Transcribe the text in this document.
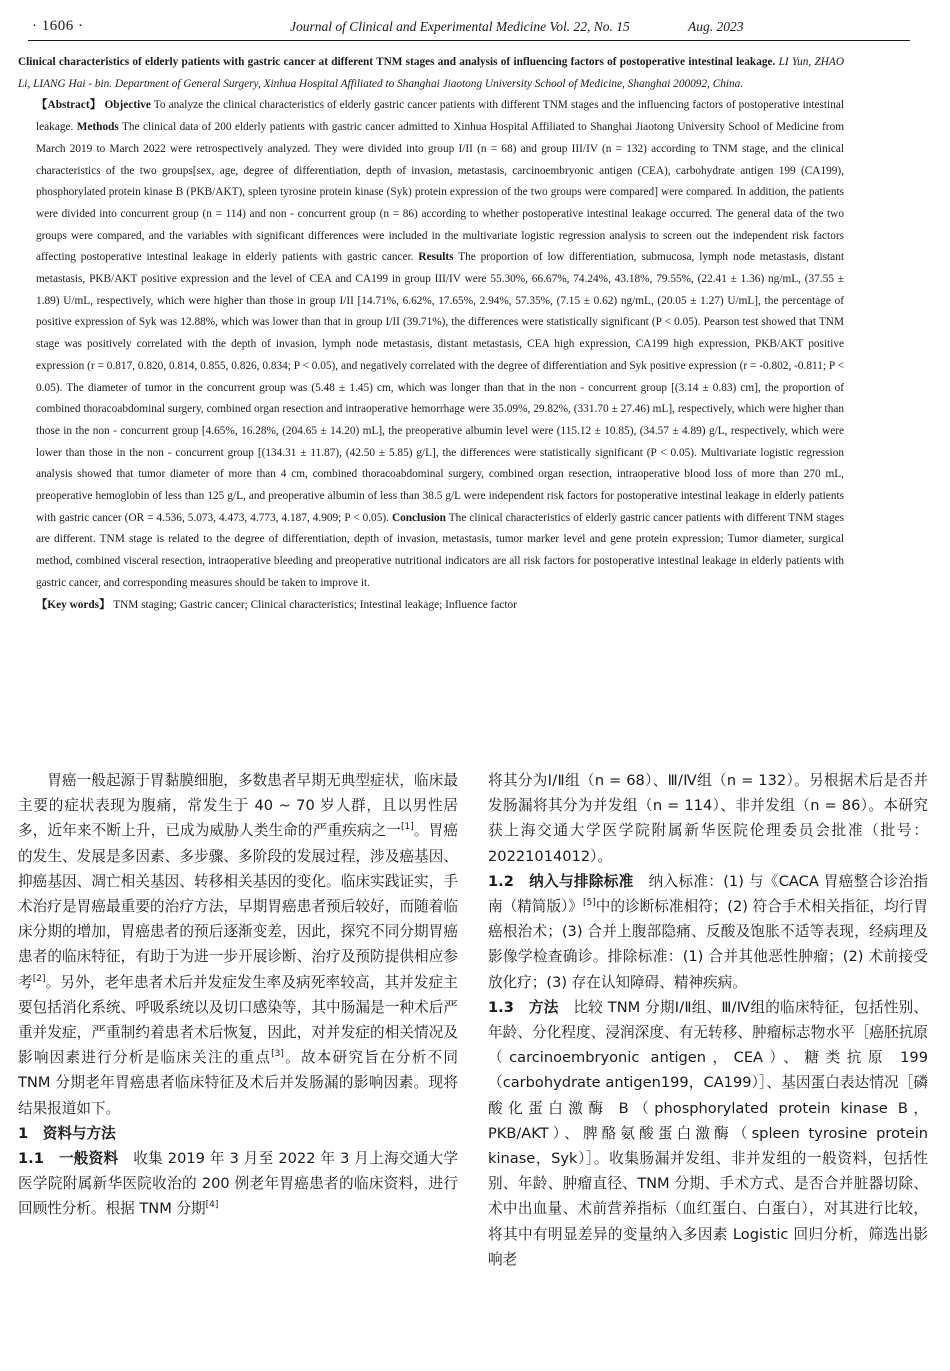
· 1606 ·	Journal of Clinical and Experimental Medicine Vol. 22, No. 15	Aug. 2023

Clinical characteristics of elderly patients with gastric cancer at different TNM stages and analysis of influencing factors of postoperative intestinal leakage. LI Yun, ZHAO Li, LIANG Hai - bin. Department of General Surgery, Xinhua Hospital Affiliated to Shanghai Jiaotong University School of Medicine, Shanghai 200092, China.

【Abstract】 Objective To analyze the clinical characteristics of elderly gastric cancer patients with different TNM stages and the influencing factors of postoperative intestinal leakage. Methods The clinical data of 200 elderly patients with gastric cancer admitted to Xinhua Hospital Affiliated to Shanghai Jiaotong University School of Medicine from March 2019 to March 2022 were retrospectively analyzed. They were divided into group I/II (n = 68) and group III/IV (n = 132) according to TNM stage, and the clinical characteristics of the two groups[sex, age, degree of differentiation, depth of invasion, metastasis, carcinoembryonic antigen (CEA), carbohydrate antigen 199 (CA199), phosphorylated protein kinase B (PKB/AKT), spleen tyrosine protein kinase (Syk) protein expression of the two groups were compared] were compared. In addition, the patients were divided into concurrent group (n = 114) and non - concurrent group (n = 86) according to whether postoperative intestinal leakage occurred. The general data of the two groups were compared, and the variables with significant differences were included in the multivariate logistic regression analysis to screen out the independent risk factors affecting postoperative intestinal leakage in elderly patients with gastric cancer. Results The proportion of low differentiation, submucosa, lymph node metastasis, distant metastasis, PKB/AKT positive expression and the level of CEA and CA199 in group III/IV were 55.30%, 66.67%, 74.24%, 43.18%, 79.55%, (22.41 ± 1.36) ng/mL, (37.55 ± 1.89) U/mL, respectively, which were higher than those in group I/II [14.71%, 6.62%, 17.65%, 2.94%, 57.35%, (7.15 ± 0.62) ng/mL, (20.05 ± 1.27) U/mL], the percentage of positive expression of Syk was 12.88%, which was lower than that in group I/II (39.71%), the differences were statistically significant (P < 0.05). Pearson test showed that TNM stage was positively correlated with the depth of invasion, lymph node metastasis, distant metastasis, CEA high expression, CA199 high expression, PKB/AKT positive expression (r = 0.817, 0.820, 0.814, 0.855, 0.826, 0.834; P < 0.05), and negatively correlated with the degree of differentiation and Syk positive expression (r = -0.802, -0.811; P < 0.05). The diameter of tumor in the concurrent group was (5.48 ± 1.45) cm, which was longer than that in the non - concurrent group [(3.14 ± 0.83) cm], the proportion of combined thoracoabdominal surgery, combined organ resection and intraoperative hemorrhage were 35.09%, 29.82%, (331.70 ± 27.46) mL], respectively, which were higher than those in the non - concurrent group [4.65%, 16.28%, (204.65 ± 14.20) mL], the preoperative albumin level were (115.12 ± 10.85), (34.57 ± 4.89) g/L, respectively, which were lower than those in the non - concurrent group [(134.31 ± 11.87), (42.50 ± 5.85) g/L], the differences were statistically significant (P < 0.05). Multivariate logistic regression analysis showed that tumor diameter of more than 4 cm, combined thoracoabdominal surgery, combined organ resection, intraoperative blood loss of more than 270 mL, preoperative hemoglobin of less than 125 g/L, and preoperative albumin of less than 38.5 g/L were independent risk factors for postoperative intestinal leakage in elderly patients with gastric cancer (OR = 4.536, 5.073, 4.473, 4.773, 4.187, 4.909; P < 0.05). Conclusion The clinical characteristics of elderly gastric cancer patients with different TNM stages are different. TNM stage is related to the degree of differentiation, depth of invasion, metastasis, tumor marker level and gene protein expression; Tumor diameter, surgical method, combined visceral resection, intraoperative bleeding and preoperative nutritional indicators are all risk factors for postoperative intestinal leakage in elderly patients with gastric cancer, and corresponding measures should be taken to improve it.

【Key words】 TNM staging; Gastric cancer; Clinical characteristics; Intestinal leakage; Influence factor

胃癌一般起源于胃黏膜细胞，多数患者早期无典型症状，临床最主要的症状表现为腹痛，常发生于 40 ~ 70 岁人群，且以男性居多，近年来不断上升，已成为威胁人类生命的严重疾病之一[1]。胃癌的发生、发展是多因素、多步骤、多阶段的发展过程，涉及癌基因、抑癌基因、凋亡相关基因、转移相关基因的变化。临床实践证实，手术治疗是胃癌最重要的治疗方法，早期胃癌患者预后较好，而随着临床分期的增加，胃癌患者的预后逐渐变差，因此，探究不同分期胃癌患者的临床特征，有助于为进一步开展诊断、治疗及预防提供相应参考[2]。另外，老年患者术后并发症发生率及病死率较高，其并发症主要包括消化系统、呼吸系统以及切口感染等，其中肠漏是一种术后严重并发症，严重制约着患者术后恢复，因此，对并发症的相关情况及影响因素进行分析是临床关注的重点[3]。故本研究旨在分析不同 TNM 分期老年胃癌患者临床特征及术后并发肠漏的影响因素。现将结果报道如下。

1　资料与方法

1.1　一般资料　 收集 2019 年 3 月至 2022 年 3 月上海交通大学医学院附属新华医院收治的 200 例老年胃癌患者的临床资料，进行回顾性分析。根据 TNM 分期[4]

将其分为Ⅰ/Ⅱ组（n = 68）、Ⅲ/Ⅳ组（n = 132）。另根据术后是否并发肠漏将其分为并发组（n = 114）、非并发组（n = 86）。本研究获上海交通大学医学院附属新华医院伦理委员会批准（批号：20221014012）。

1.2　纳入与排除标准　 纳入标准：(1) 与《CACA 胃癌整合诊治指南（精简版）》[5]中的诊断标准相符；(2) 符合手术相关指征，均行胃癌根治术；(3) 合并上腹部隐痛、反酸及饱胀不适等表现，经病理及影像学检查确诊。排除标准：(1) 合并其他恶性肿瘤；(2) 术前接受放化疗；(3) 存在认知障碍、精神疾病。

1.3　方法　 比较 TNM 分期Ⅰ/Ⅱ组、Ⅲ/Ⅳ组的临床特征，包括性别、年龄、分化程度、浸润深度、有无转移、肿瘤标志物水平［癌胚抗原（carcinoembryonic antigen，CEA）、糖类抗原 199（carbohydrate antigen199，CA199）］、基因蛋白表达情况［磷酸化蛋白激酶 B（phosphorylated protein kinase B，PKB/AKT）、脾酪氨酸蛋白激酶（spleen tyrosine protein kinase，Syk）］。收集肠漏并发组、非并发组的一般资料，包括性别、年龄、肿瘤直径、TNM 分期、手术方式、是否合并脏器切除、术中出血量、术前营养指标（血红蛋白、白蛋白），对其进行比较，将其中有明显差异的变量纳入多因素 Logistic 回归分析，筛选出影响老
